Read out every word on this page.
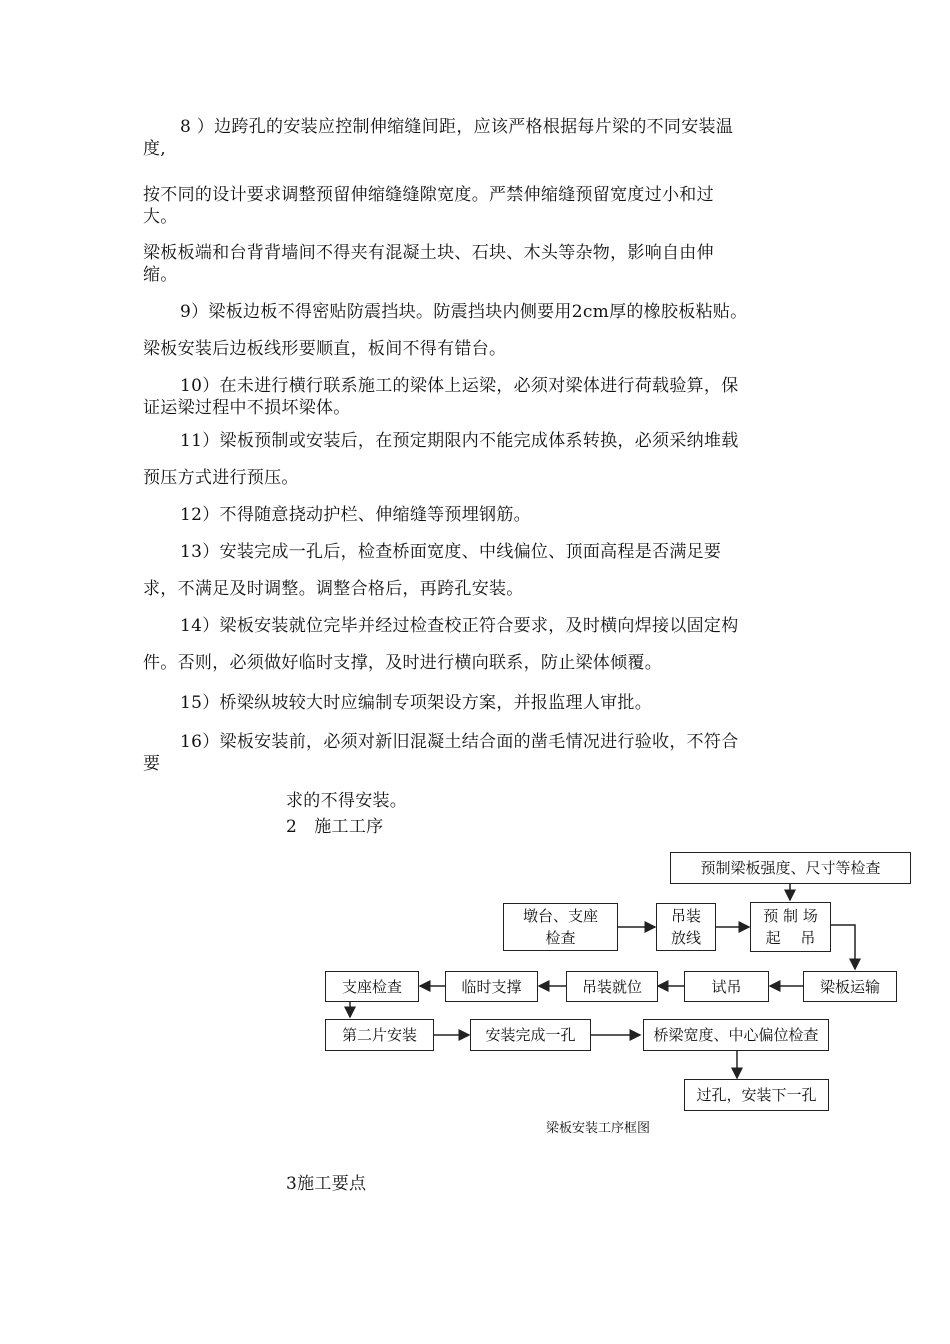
8 ）边跨孔的安装应控制伸缩缝间距，应该严格根据每片梁的不同安装温
度,
按不同的设计要求调整预留伸缩缝缝隙宽度。严禁伸缩缝预留宽度过小和过
大。
梁板板端和台背背墙间不得夹有混凝土块、石块、木头等杂物，影响自由伸
缩。
9）梁板边板不得密贴防震挡块。防震挡块内侧要用2cm厚的橡胶板粘贴。
梁板安装后边板线形要顺直，板间不得有错台。
10）在未进行横行联系施工的梁体上运梁，必须对梁体进行荷载验算，保
证运梁过程中不损坏梁体。
11）梁板预制或安装后，在预定期限内不能完成体系转换，必须采纳堆载
预压方式进行预压。
12）不得随意挠动护栏、伸缩缝等预埋钢筋。
13）安装完成一孔后，检查桥面宽度、中线偏位、顶面高程是否满足要
求，不满足及时调整。调整合格后，再跨孔安装。
14）梁板安装就位完毕并经过检查校正符合要求，及时横向焊接以固定构
件。否则，必须做好临时支撑，及时进行横向联系，防止梁体倾覆。
15）桥梁纵坡较大时应编制专项架设方案，并报监理人审批。
16）梁板安装前，必须对新旧混凝土结合面的凿毛情况进行验收，不符合
要
求的不得安装。
2 施工工序
预制梁板强度、尺寸等检查
墩台、支座
检查
吊装
放线
预 制 场
起　 吊
梁板运输
试吊
吊装就位
临时支撑
支座检查
第二片安装	安装完成一孔	桥梁宽度、中心偏位检查
过孔，安装下一孔
梁板安装工序框图
3施工要点
